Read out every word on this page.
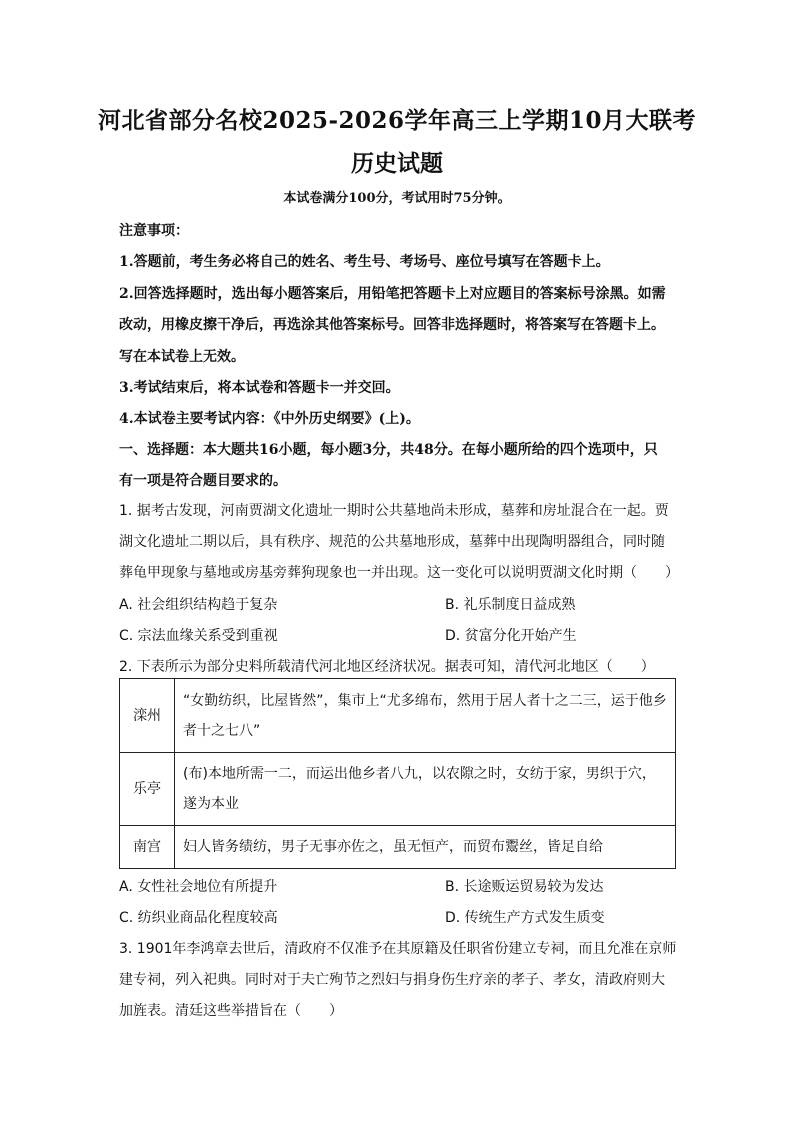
河北省部分名校2025-2026学年高三上学期10月大联考
历史试题
本试卷满分100分，考试用时75分钟。
注意事项：
1.答题前，考生务必将自己的姓名、考生号、考场号、座位号填写在答题卡上。
2.回答选择题时，选出每小题答案后，用铅笔把答题卡上对应题目的答案标号涂黑。如需
改动，用橡皮擦干净后，再选涂其他答案标号。回答非选择题时，将答案写在答题卡上。
写在本试卷上无效。
3.考试结束后，将本试卷和答题卡一并交回。
4.本试卷主要考试内容：《中外历史纲要》(上)。
一、选择题：本大题共16小题，每小题3分，共48分。在每小题所给的四个选项中，只
有一项是符合题目要求的。
1. 据考古发现，河南贾湖文化遗址一期时公共墓地尚未形成，墓葬和房址混合在一起。贾
湖文化遗址二期以后，具有秩序、规范的公共墓地形成，墓葬中出现陶明器组合，同时随
葬龟甲现象与墓地或房基旁葬狗现象也一并出现。这一变化可以说明贾湖文化时期（　　）
A. 社会组织结构趋于复杂	B. 礼乐制度日益成熟
C. 宗法血缘关系受到重视	D. 贫富分化开始产生
2. 下表所示为部分史料所载清代河北地区经济状况。据表可知，清代河北地区（　　）
滦州	“女勤纺织，比屋皆然”，集市上“尤多绵布，然用于居人者十之二三，运于他乡者十之七八”
乐亭	(布)本地所需一二，而运出他乡者八九，以农隙之时，女纺于家，男织于穴，遂为本业
南宫	妇人皆务绩纺，男子无事亦佐之，虽无恒产，而贸布鬻丝，皆足自给
A. 女性社会地位有所提升	B. 长途贩运贸易较为发达
C. 纺织业商品化程度较高	D. 传统生产方式发生质变
3. 1901年李鸿章去世后，清政府不仅准予在其原籍及任职省份建立专祠，而且允准在京师
建专祠，列入祀典。同时对于夫亡殉节之烈妇与捐身伤生疗亲的孝子、孝女，清政府则大
加旌表。清廷这些举措旨在（　　）
